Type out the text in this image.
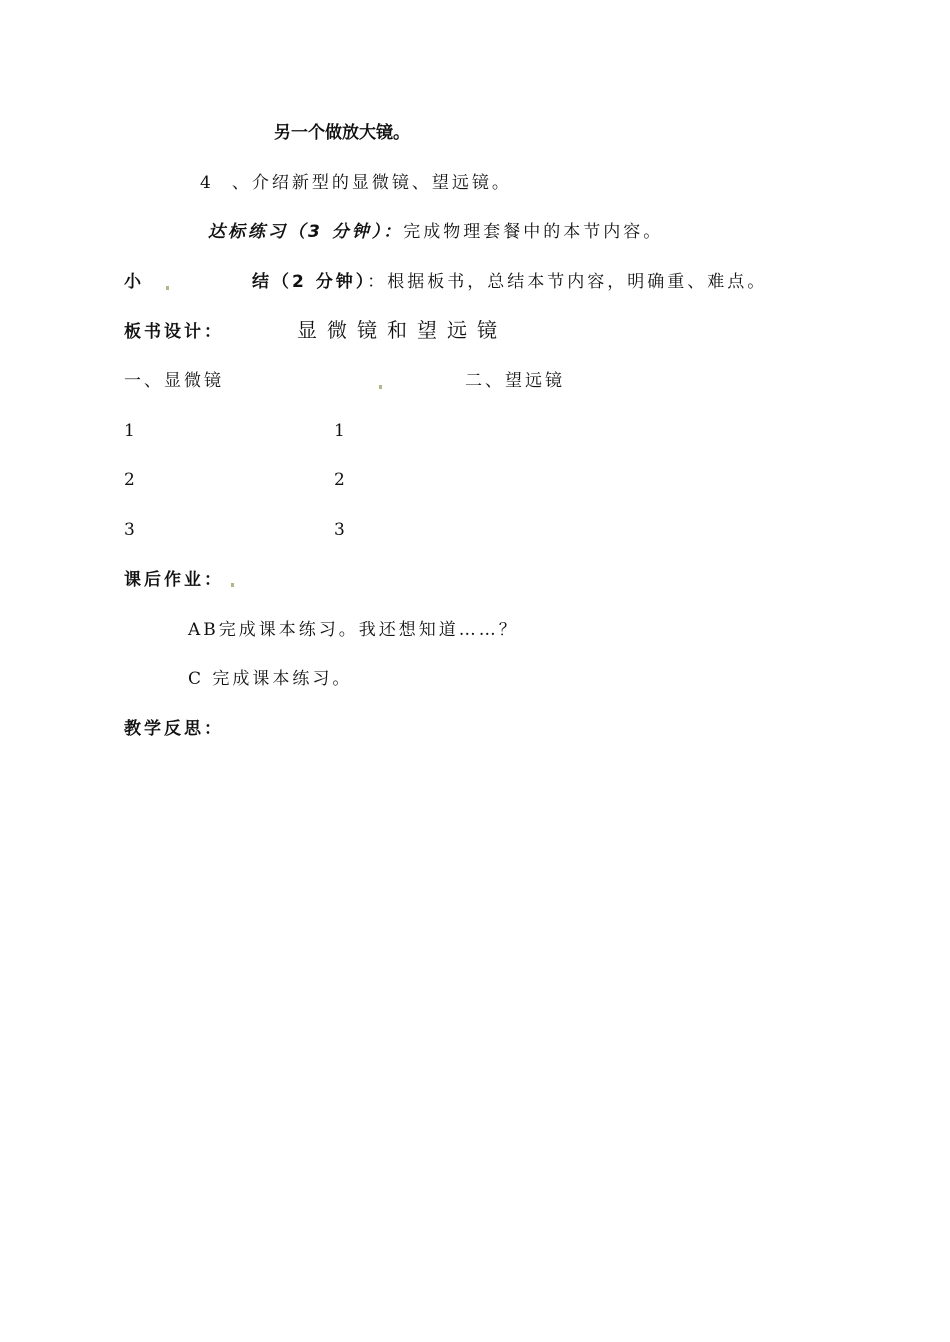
另一个做放大镜。
4 、介绍新型的显微镜、望远镜。
达标练习（3 分钟）：完成物理套餐中的本节内容。
小	结（2 分钟）：根据板书，总结本节内容，明确重、难点。
板书设计：	显微镜和望远镜
一、显微镜	二、望远镜
1	1
2	2
3	3
课后作业：
AB完成课本练习。我还想知道……？
C 完成课本练习。
教学反思：
